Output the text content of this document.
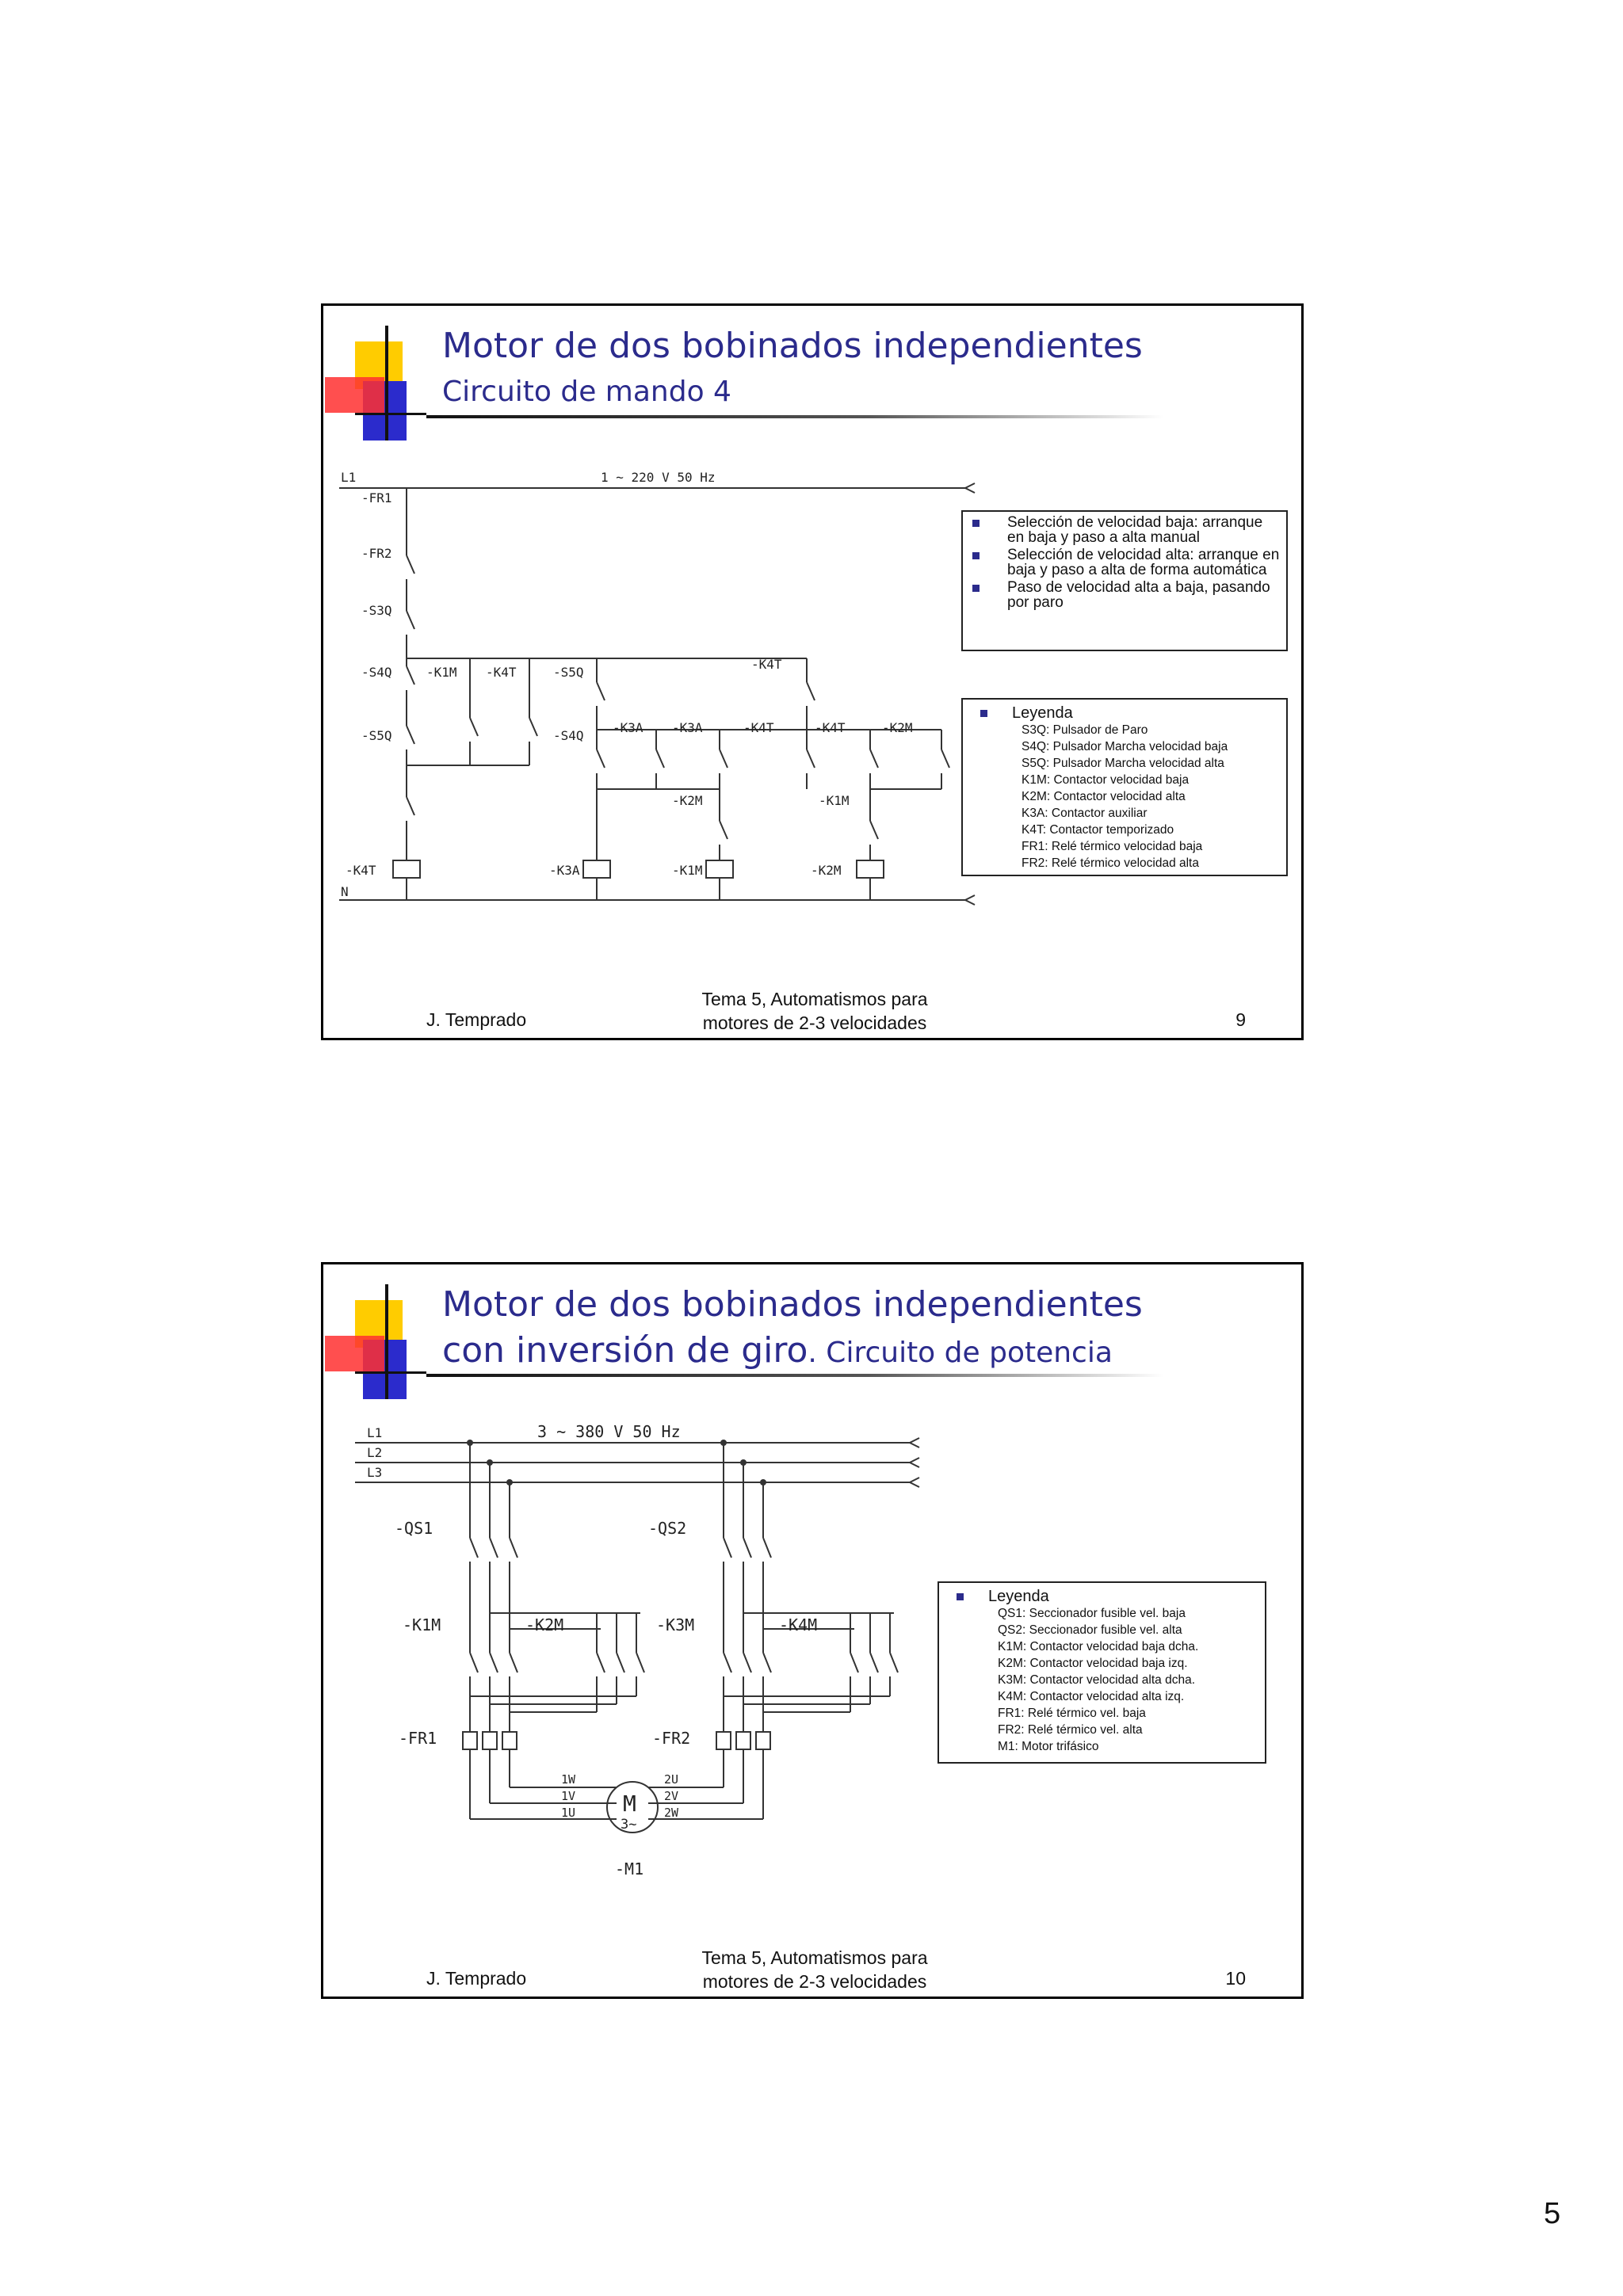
Motor de dos bobinados independientes
Circuito de mando 4
1 ~ 220 V 50 Hz
L1
N
-FR1
-FR2
-S3Q
-S4Q
-S5Q
-K1M -K4T	-S5Q
-K4T
-S4Q
-K3A -K3A	-K4T	-K4T	-K2M
-K2M	-K1M
-K4T	-K3A	-K1M	-K2M
Selección de velocidad baja: arranque en baja y paso a alta manual
Selección de velocidad alta: arranque en baja y paso a alta de forma automática
Paso de velocidad alta a baja, pasando por paro
Leyenda
S3Q: Pulsador de Paro
S4Q: Pulsador Marcha velocidad baja
S5Q: Pulsador Marcha velocidad alta
K1M: Contactor velocidad baja
K2M: Contactor velocidad alta
K3A: Contactor auxiliar
K4T: Contactor temporizado
FR1: Relé térmico velocidad baja
FR2: Relé térmico velocidad alta
J. Temprado
Tema 5, Automatismos para
motores de 2-3 velocidades	9
Motor de dos bobinados independientes
con inversión de giro. Circuito de potencia
3 ~ 380 V 50 Hz
L1
L2
L3
-QS1	-QS2
-K1M	-K2M	-K3M	-K4M
-FR1	-FR2
-M1
M
3~
1W
1V
1U
2U
2V
2W
Leyenda
QS1: Seccionador fusible vel. baja
QS2: Seccionador fusible vel. alta
K1M: Contactor velocidad baja dcha.
K2M: Contactor velocidad baja izq.
K3M: Contactor velocidad alta dcha.
K4M: Contactor velocidad alta izq.
FR1: Relé térmico vel. baja
FR2: Relé térmico vel. alta
M1: Motor trifásico
J. Temprado
Tema 5, Automatismos para
motores de 2-3 velocidades	10
5
